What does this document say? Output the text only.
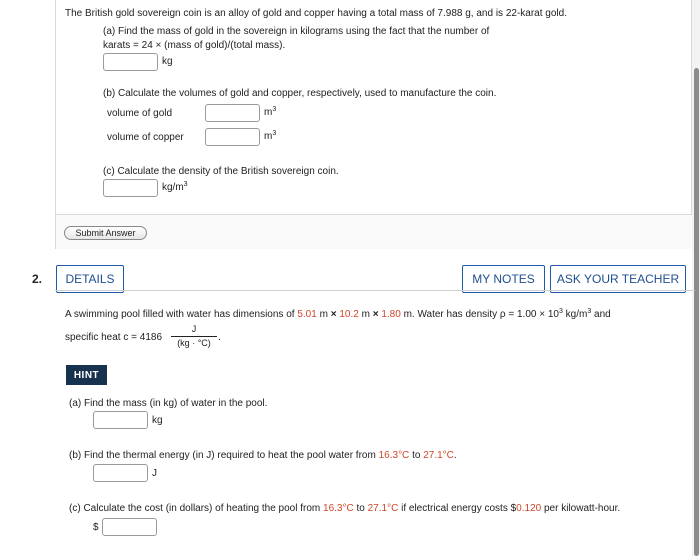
The British gold sovereign coin is an alloy of gold and copper having a total mass of 7.988 g, and is 22-karat gold.
(a) Find the mass of gold in the sovereign in kilograms using the fact that the number of
karats = 24 × (mass of gold)/(total mass).
kg
(b) Calculate the volumes of gold and copper, respectively, used to manufacture the coin.
volume of gold	$m^3$
volume of copper	$m^3$
(c) Calculate the density of the British sovereign coin.
$kg/m^3$
Submit Answer
2.	DETAILS	MY NOTES	ASK YOUR TEACHER
A swimming pool filled with water has dimensions of 5.01 m × 10.2 m × 1.80 m. Water has density $\rho = 1.00 \times 10^3$ $kg/m^3$ and
specific heat c = 4186
J
(kg · °C) .
HINT
(a) Find the mass (in kg) of water in the pool.
kg
(b) Find the thermal energy (in J) required to heat the pool water from 16.3°C to 27.1°C.
J
(c) Calculate the cost (in dollars) of heating the pool from 16.3°C to 27.1°C if electrical energy costs $0.120 per kilowatt-hour.
$
